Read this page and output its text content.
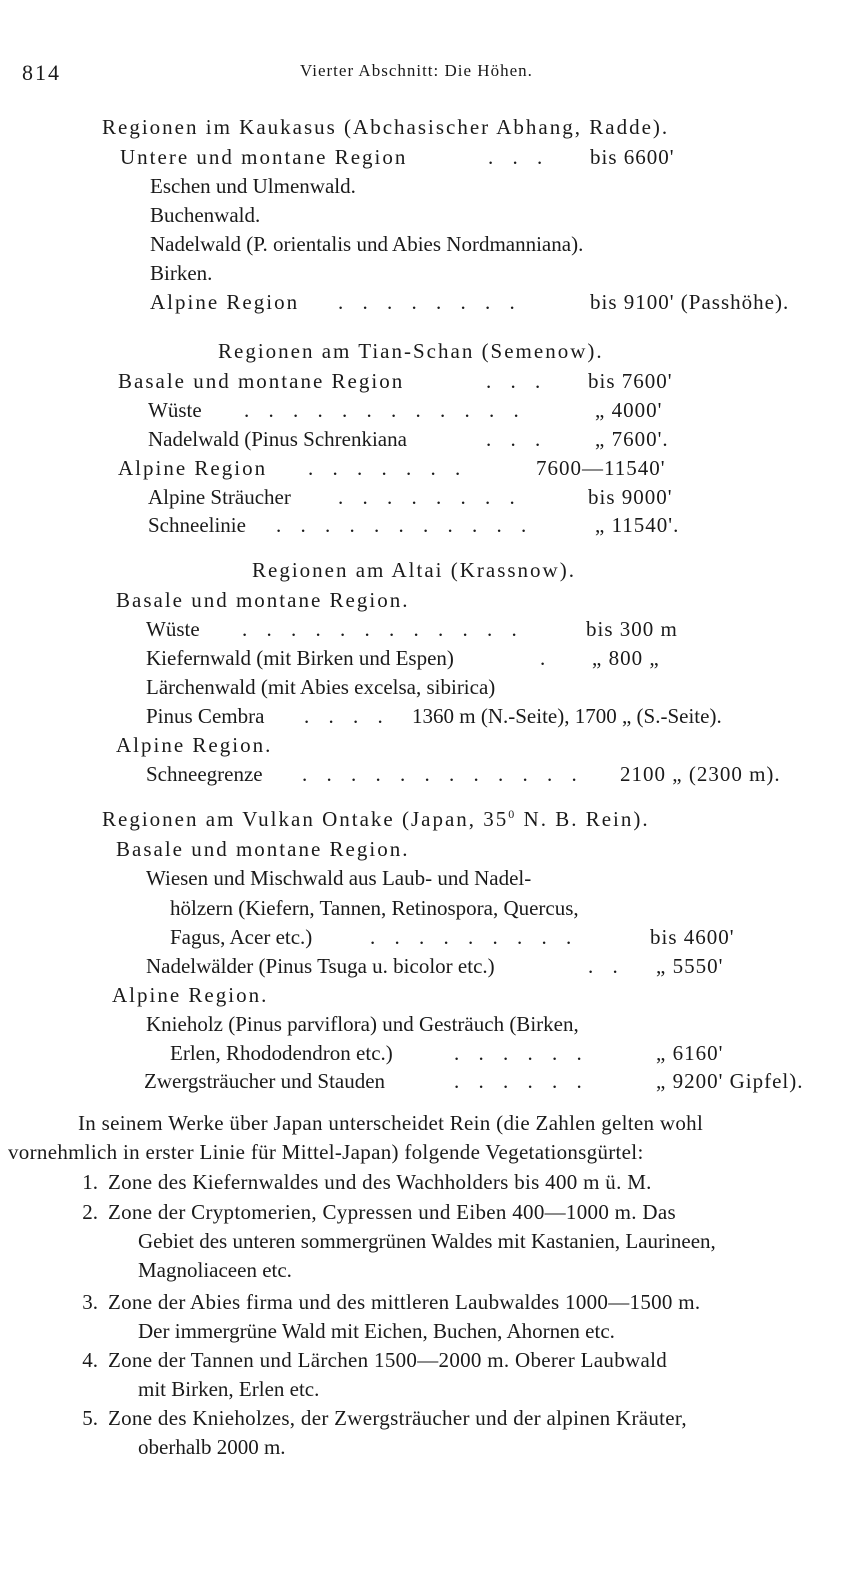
814	Vierter Abschnitt: Die Höhen.
Regionen im Kaukasus (Abchasischer Abhang, Radde).
Untere und montane Region	. . . bis 6600'
Eschen und Ulmenwald.
Buchenwald.
Nadelwald (P. orientalis und Abies Nordmanniana).
Birken.
Alpine Region . . . . . . . .	bis 9100' (Passhöhe).
Regionen am Tian-Schan (Semenow).
Basale und montane Region	. . . bis 7600'
Wüste . . . . . . . . . . . .	„ 4000'
Nadelwald (Pinus Schrenkiana	. . . „ 7600'.
Alpine Region . . . . . . .	7600—11540'
Alpine Sträucher . . . . . . . .	bis 9000'
Schneelinie . . . . . . . . . . .	„ 11540'.
Regionen am Altai (Krassnow).
Basale und montane Region.
Wüste . . . . . . . . . . . .	bis 300 m
Kiefernwald (mit Birken und Espen)	. „ 800 „
Lärchenwald (mit Abies excelsa, sibirica)
Pinus Cembra . . . . 1360 m (N.-Seite), 1700 „ (S.-Seite).
Alpine Region.
Schneegrenze . . . . . . . . . . . . 2100 „ (2300 m).
Regionen am Vulkan Ontake (Japan, $35^0$ N. B. Rein).
Basale und montane Region.
Wiesen und Mischwald aus Laub- und Nadel-
hölzern (Kiefern, Tannen, Retinospora, Quercus,
Fagus, Acer etc.)	. . . . . . . . .	bis 4600'
Nadelwälder (Pinus Tsuga u. bicolor etc.)	. . „ 5550'
Alpine Region.
Knieholz (Pinus parviflora) und Gesträuch (Birken,
Erlen, Rhododendron etc.)	. . . . . .	„ 6160'
Zwergsträucher und Stauden	. . . . . .	„ 9200' Gipfel).
In seinem Werke über Japan unterscheidet Rein (die Zahlen gelten wohl
vornehmlich in erster Linie für Mittel-Japan) folgende Vegetationsgürtel:
1. Zone des Kiefernwaldes und des Wachholders bis 400 m ü. M.
2. Zone der Cryptomerien, Cypressen und Eiben 400—1000 m. Das
Gebiet des unteren sommergrünen Waldes mit Kastanien, Laurineen,
Magnoliaceen etc.
3. Zone der Abies firma und des mittleren Laubwaldes 1000—1500 m.
Der immergrüne Wald mit Eichen, Buchen, Ahornen etc.
4. Zone der Tannen und Lärchen 1500—2000 m. Oberer Laubwald
mit Birken, Erlen etc.
5. Zone des Knieholzes, der Zwergsträucher und der alpinen Kräuter,
oberhalb 2000 m.
